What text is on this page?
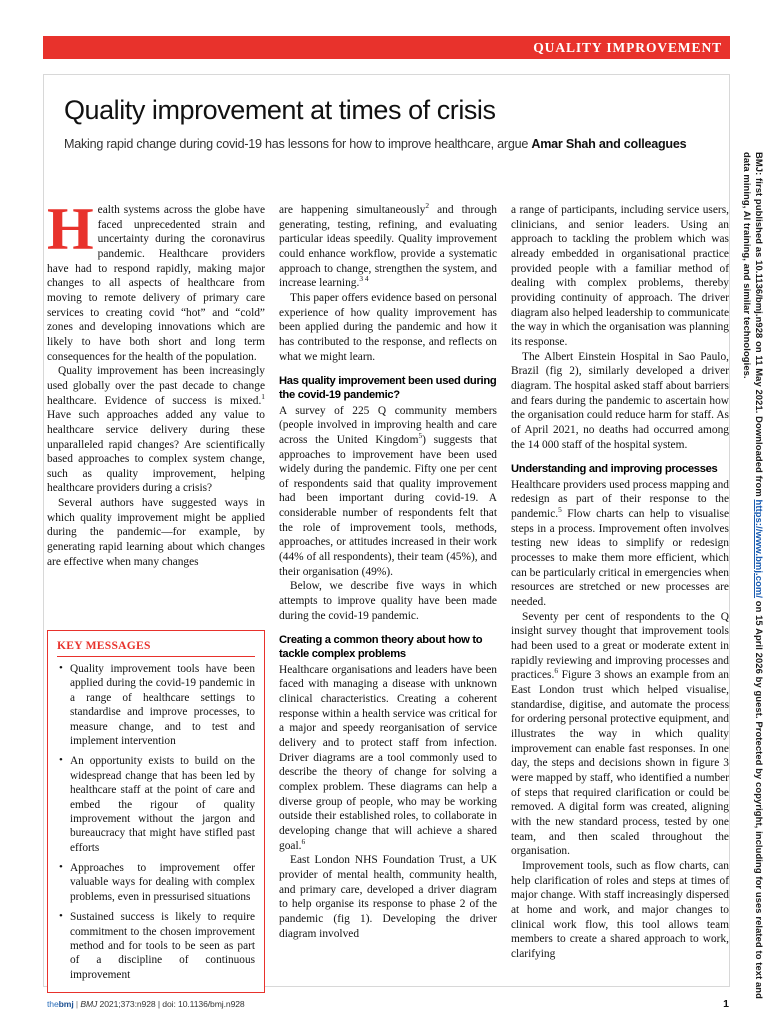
QUALITY IMPROVEMENT
Quality improvement at times of crisis
Making rapid change during covid-19 has lessons for how to improve healthcare, argue Amar Shah and colleagues

Health systems across the globe have faced unprecedented strain and uncertainty during the coronavirus pandemic. Healthcare providers have had to respond rapidly, making major changes to all aspects of healthcare from moving to remote delivery of primary care services to creating covid “hot” and “cold” zones and developing innovations which are likely to have both short and long term consequences for the health of the population.

Quality improvement has been increasingly used globally over the past decade to change healthcare. Evidence of success is mixed.$^1$ Have such approaches added any value to healthcare service delivery during these unparalleled rapid changes? Are scientifically based approaches to complex system change, such as quality improvement, helping healthcare providers during a crisis?

Several authors have suggested ways in which quality improvement might be applied during the pandemic—for example, by generating rapid learning about which changes are effective when many changes

KEY MESSAGES
• Quality improvement tools have been applied during the covid-19 pandemic in a range of healthcare settings to standardise and improve processes, to measure change, and to test and implement intervention
• An opportunity exists to build on the widespread change that has been led by healthcare staff at the point of care and embed the rigour of quality improvement without the jargon and bureaucracy that might have stifled past efforts
• Approaches to improvement offer valuable ways for dealing with complex problems, even in pressurised situations
• Sustained success is likely to require commitment to the chosen improvement method and for tools to be seen as part of a discipline of continuous improvement

are happening simultaneously$^2$ and through generating, testing, refining, and evaluating particular ideas speedily. Quality improvement could enhance workflow, provide a systematic approach to change, strengthen the system, and increase learning.$^{3 4}$

This paper offers evidence based on personal experience of how quality improvement has been applied during the pandemic and how it has contributed to the response, and reflects on what we might learn.

Has quality improvement been used during the covid-19 pandemic?

A survey of 225 Q community members (people involved in improving health and care across the United Kingdom$^5$) suggests that approaches to improvement have been used widely during the pandemic. Fifty one per cent of respondents said that quality improvement had been important during covid-19. A considerable number of respondents felt that the role of improvement tools, methods, approaches, or attitudes increased in their work (44% of all respondents), their team (45%), and their organisation (49%).

Below, we describe five ways in which attempts to improve quality have been made during the covid-19 pandemic.

Creating a common theory about how to tackle complex problems

Healthcare organisations and leaders have been faced with managing a disease with unknown clinical characteristics. Creating a coherent response within a health service was critical for a major and speedy reorganisation of service delivery and to protect staff from infection. Driver diagrams are a tool commonly used to describe the theory of change for solving a complex problem. These diagrams can help a diverse group of people, who may be working outside their established roles, to collaborate in developing change that will achieve a shared goal.$^6$

East London NHS Foundation Trust, a UK provider of mental health, community health, and primary care, developed a driver diagram to help organise its response to phase 2 of the pandemic (fig 1). Developing the driver diagram involved

a range of participants, including service users, clinicians, and senior leaders. Using an approach to tackling the problem which was already embedded in organisational practice provided people with a familiar method of dealing with complex problems, thereby providing continuity of approach. The driver diagram also helped leadership to communicate the way in which the organisation was planning its response.

The Albert Einstein Hospital in Sao Paulo, Brazil (fig 2), similarly developed a driver diagram. The hospital asked staff about barriers and fears during the pandemic to ascertain how the organisation could reduce harm for staff. As of April 2021, no deaths had occurred among the 14 000 staff of the hospital system.

Understanding and improving processes

Healthcare providers used process mapping and redesign as part of their response to the pandemic.$^5$ Flow charts can help to visualise steps in a process. Improvement often involves testing new ideas to simplify or redesign processes to make them more efficient, which can be particularly critical in emergencies when resources are stretched or new processes are needed.

Seventy per cent of respondents to the Q insight survey thought that improvement tools had been used to a great or moderate extent in rapidly reviewing and improving processes and practices.$^6$ Figure 3 shows an example from an East London trust which helped visualise, standardise, digitise, and automate the process for ordering personal protective equipment, and illustrates the way in which quality improvement can enable fast responses. In one day, the steps and decisions shown in figure 3 were mapped by staff, who identified a number of steps that required clarification or could be removed. A digital form was created, aligning with the new standard process, tested by one team, and then scaled throughout the organisation.

Improvement tools, such as flow charts, can help clarification of roles and steps at times of major change. With staff increasingly dispersed at home and work, and major changes to clinical work flow, this tool allows team members to create a shared approach to work, clarifying

thebmj | BMJ 2021;373:n928 | doi: 10.1136/bmj.n928	1
BMJ: first published as 10.1136/bmj.n928 on 11 May 2021. Downloaded from https://www.bmj.com/ on 15 April 2026 by guest. Protected by copyright, including for uses related to text and data mining, AI training, and similar technologies.
